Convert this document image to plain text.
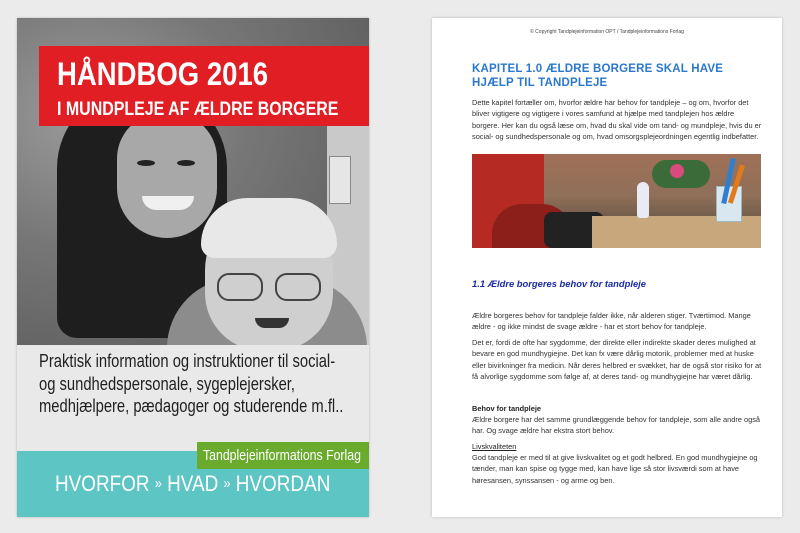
HÅNDBOG 2016

I MUNDPLEJE AF ÆLDRE BORGERE

Praktisk information og instruktioner til social- og sundhedspersonale, sygeplejersker, medhjælpere, pædagoger og studerende m.fl..

Tandplejeinformations Forlag

HVORFOR » HVAD » HVORDAN

© Copyright Tandplejeinformation OPT / Tandplejeinformations Forlag

KAPITEL 1.0 ÆLDRE BORGERE SKAL HAVE HJÆLP TIL TANDPLEJE

Dette kapitel fortæller om, hvorfor ældre har behov for tandpleje – og om, hvorfor det bliver vigtigere og vigtigere i vores samfund at hjælpe med tandplejen hos ældre borgere. Her kan du også læse om, hvad du skal vide om tand- og mundpleje, hvis du er social- og sundhedspersonale og om, hvad omsorgsplejeordningen egentlig indbefatter.

1.1 Ældre borgeres behov for tandpleje

Ældre borgeres behov for tandpleje falder ikke, når alderen stiger. Tværtimod. Mange ældre - og ikke mindst de svage ældre - har et stort behov for tandpleje.

Det er, fordi de ofte har sygdomme, der direkte eller indirekte skader deres mulighed at bevare en god mundhygiejne. Det kan fx være dårlig motorik, problemer med at huske eller bivirkninger fra medicin. Når deres helbred er svækket, har de også stor risiko for at få alvorlige sygdomme som følge af, at deres tand- og mundhygiejne har været dårlig.

Behov for tandpleje

Ældre borgere har det samme grundlæggende behov for tandpleje, som alle andre også har. Og svage ældre har ekstra stort behov.

Livskvaliteten

God tandpleje er med til at give livskvalitet og et godt helbred. En god mundhygiejne og tænder, man kan spise og tygge med, kan have lige så stor livsværdi som at have høresansen, synssansen - og arme og ben.
